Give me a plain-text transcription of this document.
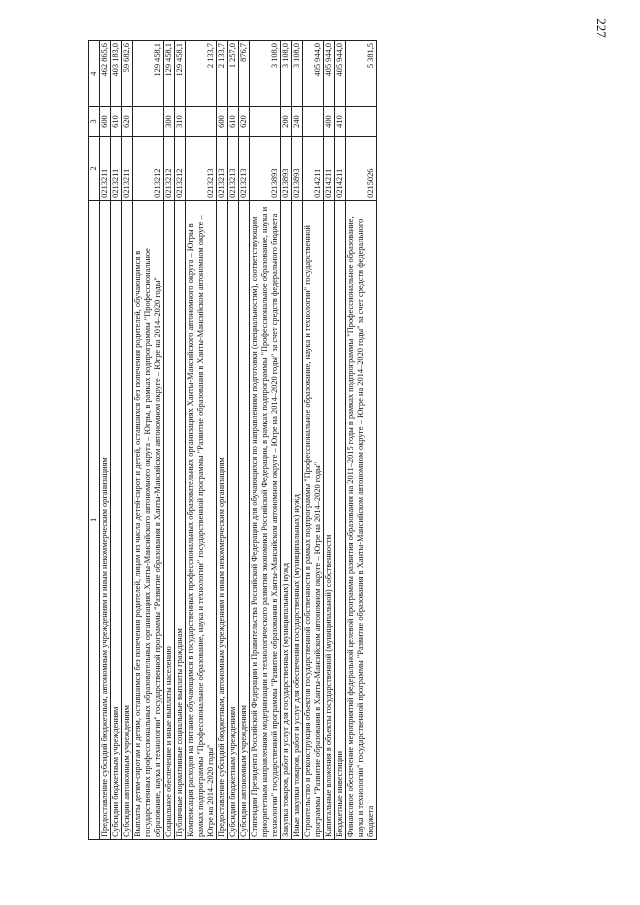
227
1	2	3	4
Предоставление субсидий бюджетным, автономным учреждениям и иным некоммерческим организациям	0213211	600	462 865,6
Субсидии бюджетным учреждениям	0213211	610	403 183,0
Субсидии автономным учреждениям	0213211	620	59 682,6
Выплаты детям-сиротам и детям, оставшимся без попечения родителей, лицам из числа детей-сирот и детей, оставшихся без попечения родителей, обучающимся в государственных профессиональных образовательных организациях Ханты-Мансийского автономного округа – Югры, в рамках подпрограммы "Профессиональное образование, наука и технологии" государственной программы "Развитие образования в Ханты-Мансийском автономном округе – Югре на 2014–2020 годы"	0213212		129 458,1
Социальное обеспечение и иные выплаты населению	0213212	300	129 458,1
Публичные нормативные социальные выплаты гражданам	0213212	310	129 458,1
Компенсация расходов на питание обучающимся в государственных профессиональных образовательных организациях Ханты-Мансийского автономного округа – Югры в рамках подпрограммы "Профессиональное образование, наука и технологии" государственной программы "Развитие образования в Ханты-Мансийском автономном округе – Югре на 2014–2020 годы"	0213213		2 133,7
Предоставление субсидий бюджетным, автономным учреждениям и иным некоммерческим организациям	0213213	600	2 133,7
Субсидии бюджетным учреждениям	0213213	610	1 257,0
Субсидии автономным учреждениям	0213213	620	876,7
Стипендии Президента Российской Федерации и Правительства Российской Федерации для обучающихся по направлениям подготовки (специальностям), соответствующим приоритетным направлениям модернизации и технологического развития экономики Российской Федерации, в рамках подпрограммы "Профессиональное образование, наука и технологии" государственной программы "Развитие образования в Ханты-Мансийском автономном округе – Югре на 2014–2020 годы" за счет средств федерального бюджета	0213893		3 108,0
Закупка товаров, работ и услуг для государственных (муниципальных) нужд	0213893	200	3 108,0
Иные закупки товаров, работ и услуг для обеспечения государственных (муниципальных) нужд	0213893	240	3 108,0
Строительство и реконструкция объектов государственной собственности в рамках подпрограммы "Профессиональное образование, наука и технологии" государственной программы "Развитие образования в Ханты-Мансийском автономном округе – Югре на 2014–2020 годы"	0214211		405 944,0
Капитальные вложения в объекты государственной (муниципальной) собственности	0214211	400	405 944,0
Бюджетные инвестиции	0214211	410	405 944,0
Финансовое обеспечение мероприятий федеральной целевой программы развития образования на 2011–2015 годы в рамках подпрограммы "Профессиональное образование, наука и технологии" государственной программы "Развитие образования в Ханты-Мансийском автономном округе – Югре на 2014–2020 годы" за счет средств федерального бюджета	0215026		5 381,5
